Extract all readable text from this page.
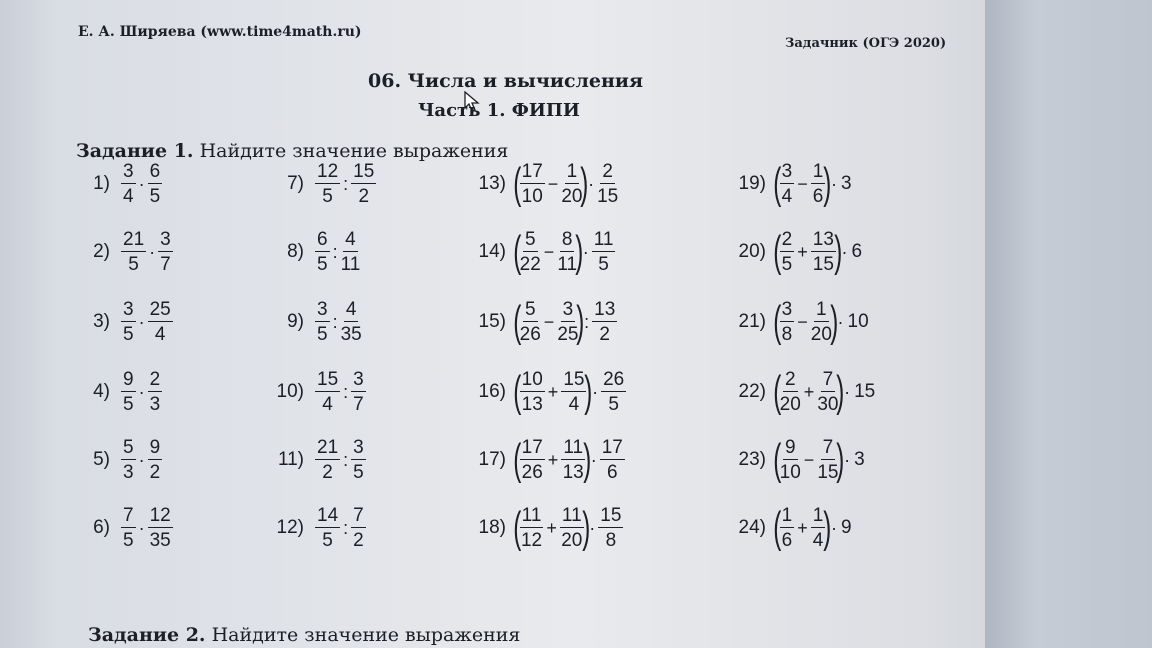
Е. А. Ширяева (www.time4math.ru)
Задачник (ОГЭ 2020)
06. Числа и вычисления
Часть 1. ФИПИ
Задание 1. Найдите значение выражения
$1) \frac{3}{4} \cdot \frac{6}{5}$
$2) \frac{21}{5} \cdot \frac{3}{7}$
$3) \frac{3}{5} \cdot \frac{25}{4}$
$4) \frac{9}{5} \cdot \frac{2}{3}$
$5) \frac{5}{3} \cdot \frac{9}{2}$
$6) \frac{7}{5} \cdot \frac{12}{35}$
$7) \frac{12}{5}$ : $\frac{15}{2}$
$8) \frac{6}{5}$ : $\frac{4}{11}$
$9) \frac{3}{5}$ : $\frac{4}{35}$
$10) \frac{15}{4}$ : $\frac{3}{7}$
$11) \frac{21}{2}$ : $\frac{3}{5}$
$12) \frac{14}{5}$ : $\frac{7}{2}$
13) (
$\frac{17}{10} - \frac{1}{20}$
) · $\frac{2}{15}$
14) (
$\frac{5}{22} - \frac{8}{11}$
) · $\frac{11}{5}$
15) (
$\frac{5}{26} - \frac{3}{25}$
) : $\frac{13}{2}$
16) (
$\frac{10}{13} + \frac{15}{4}$
) · $\frac{26}{5}$
17) (
$\frac{17}{26} + \frac{11}{13}$
) · $\frac{17}{6}$
18) (
$\frac{11}{12} + \frac{11}{20}$
) · $\frac{15}{8}$
19) (
$\frac{3}{4} - \frac{1}{6}$
) · 3
20) (
$\frac{2}{5} + \frac{13}{15}$
) · 6
21) (
$\frac{3}{8} - \frac{1}{20}$
) · 10
22) (
$\frac{2}{20} + \frac{7}{30}$
) · 15
23) (
$\frac{9}{10} - \frac{7}{15}$
) · 3
24) (
$\frac{1}{6} + \frac{1}{4}$
) · 9
Задание 2. Найдите значение выражения
